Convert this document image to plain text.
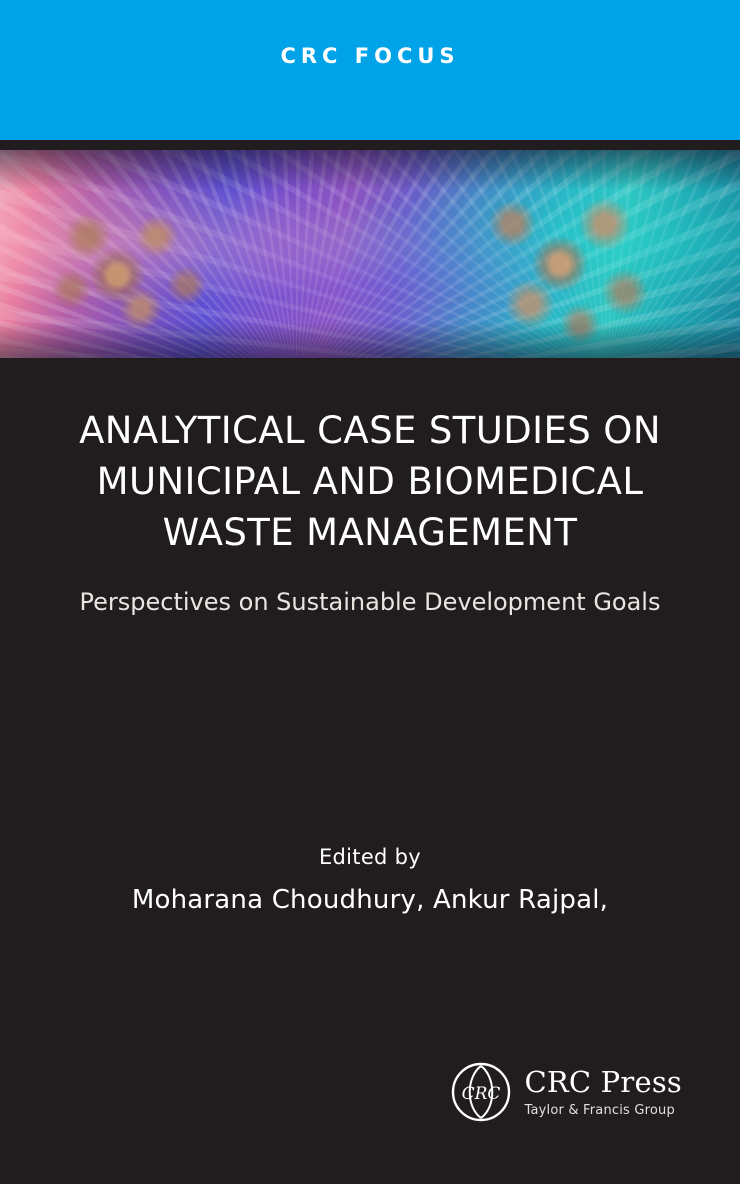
CRC FOCUS
ANALYTICAL CASE STUDIES ON MUNICIPAL AND BIOMEDICAL WASTE MANAGEMENT
Perspectives on Sustainable Development Goals

Edited by

Moharana Choudhury, Ankur Rajpal,

CRC CRC Press
Taylor & Francis Group
